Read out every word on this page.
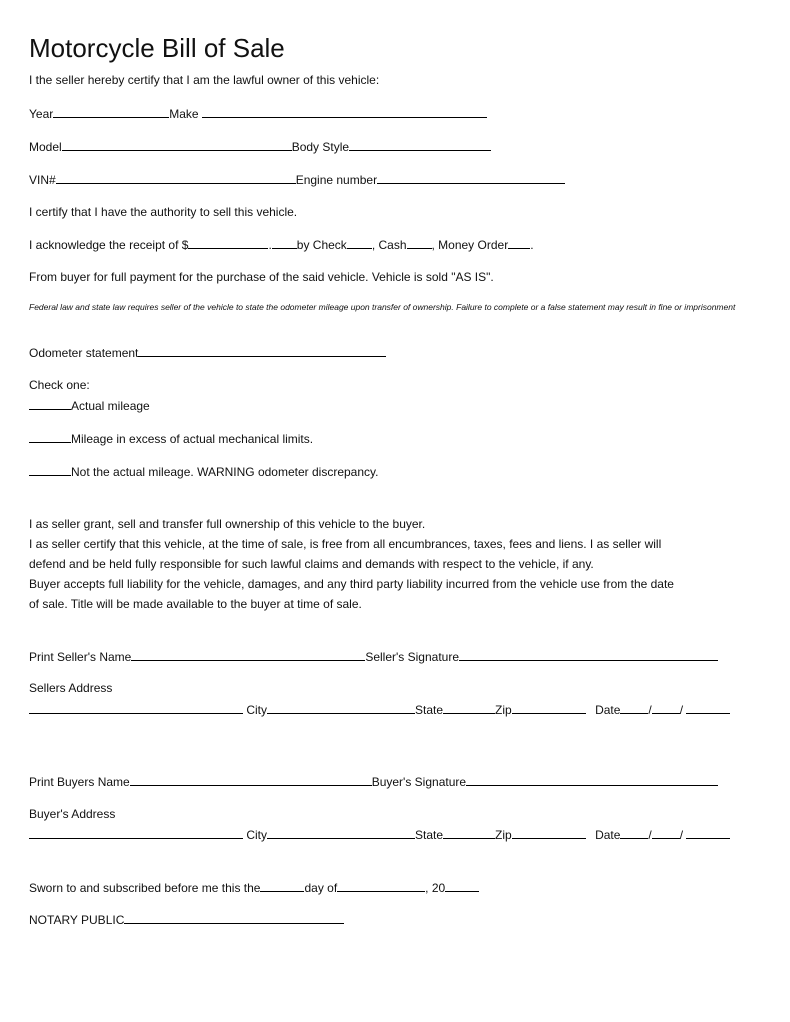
Motorcycle Bill of Sale
I the seller hereby certify that I am the lawful owner of this vehicle:
Year	Make
Model	Body Style
VIN#	Engine number
I certify that I have the authority to sell this vehicle.
I acknowledge the receipt of $	. by Check , Cash , Money Order .
From buyer for full payment for the purchase of the said vehicle. Vehicle is sold "AS IS".
Federal law and state law requires seller of the vehicle to state the odometer mileage upon transfer of ownership. Failure to complete or a false statement may result in fine or imprisonment
Odometer statement
Check one:
Actual mileage
Mileage in excess of actual mechanical limits.
Not the actual mileage. WARNING odometer discrepancy.
I as seller grant, sell and transfer full ownership of this vehicle to the buyer.
I as seller certify that this vehicle, at the time of sale, is free from all encumbrances, taxes, fees and liens. I as seller will
defend and be held fully responsible for such lawful claims and demands with respect to the vehicle, if any.
Buyer accepts full liability for the vehicle, damages, and any third party liability incurred from the vehicle use from the date
of sale. Title will be made available to the buyer at time of sale.
Print Seller's Name	Seller's Signature
Sellers Address
City	State	Zip	Date / /
Print Buyers Name	Buyer's Signature
Buyer's Address
City	State	Zip	Date / /
Sworn to and subscribed before me this the	day of	, 20
NOTARY PUBLIC
